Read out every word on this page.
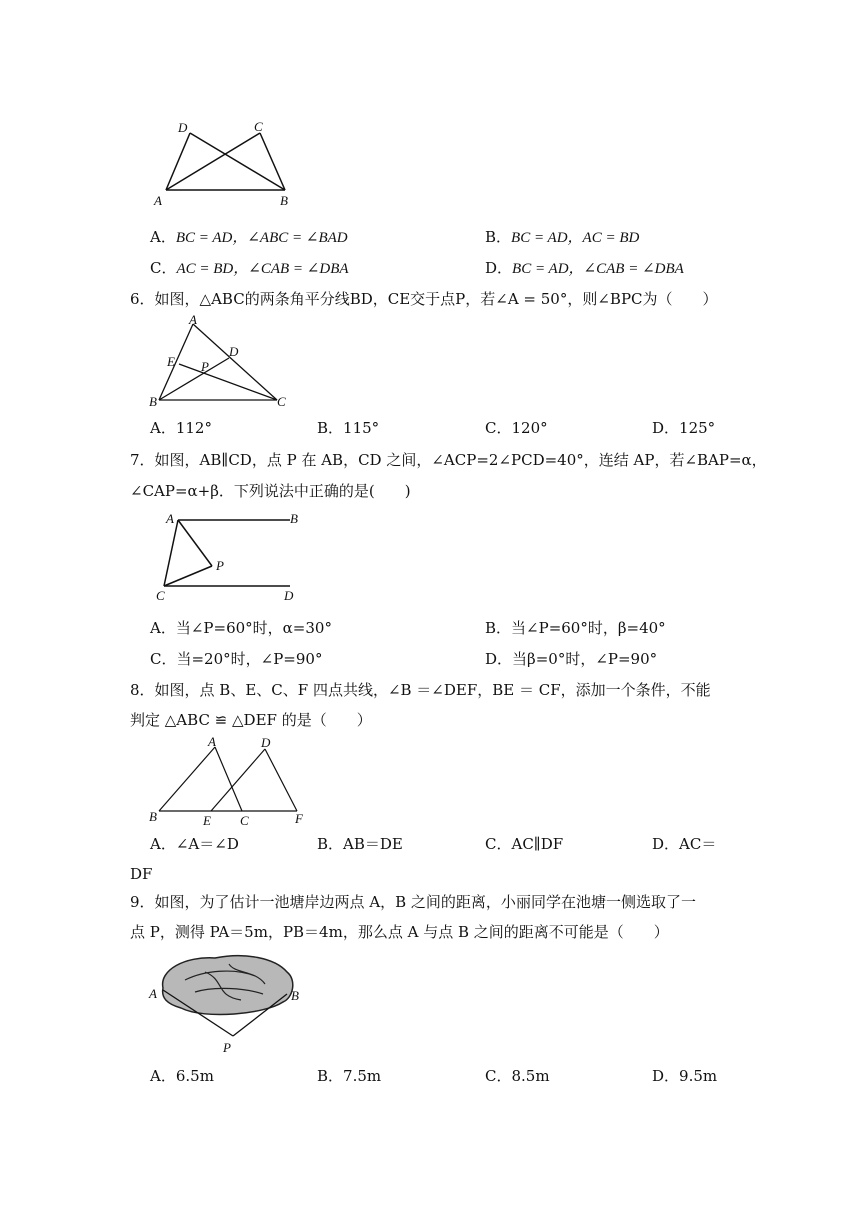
D	C
A	B
A．BC = AD，∠ABC = ∠BAD	B．BC = AD，AC = BD
C．AC = BD，∠CAB = ∠DBA	D．BC = AD，∠CAB = ∠DBA
6．如图，△ABC的两条角平分线BD，CE交于点P，若∠A = 50°，则∠BPC为（　　）
A
D
E P
B	C
A．112°	B．115°	C．120°	D．125°
7．如图，AB∥CD，点 P 在 AB，CD 之间，∠ACP=2∠PCD=40°，连结 AP，若∠BAP=α，
∠CAP=α+β．下列说法中正确的是(　　)
A	B
P
C	D
A．当∠P=60°时，α=30°	B．当∠P=60°时，β=40°
C．当=20°时，∠P=90°	D．当β=0°时，∠P=90°
8．如图，点 B、E、C、F 四点共线，∠B ＝∠DEF，BE ＝ CF，添加一个条件，不能
判定 △ABC ≌ △DEF 的是（　　）
A	D
B	E C	F
A．∠A＝∠D	B．AB＝DE	C．AC∥DF	D．AC＝
DF
9．如图，为了估计一池塘岸边两点 A，B 之间的距离，小丽同学在池塘一侧选取了一
点 P，测得 PA＝5m，PB＝4m，那么点 A 与点 B 之间的距离不可能是（　　）
A	B
P
A．6.5m	B．7.5m	C．8.5m	D．9.5m
